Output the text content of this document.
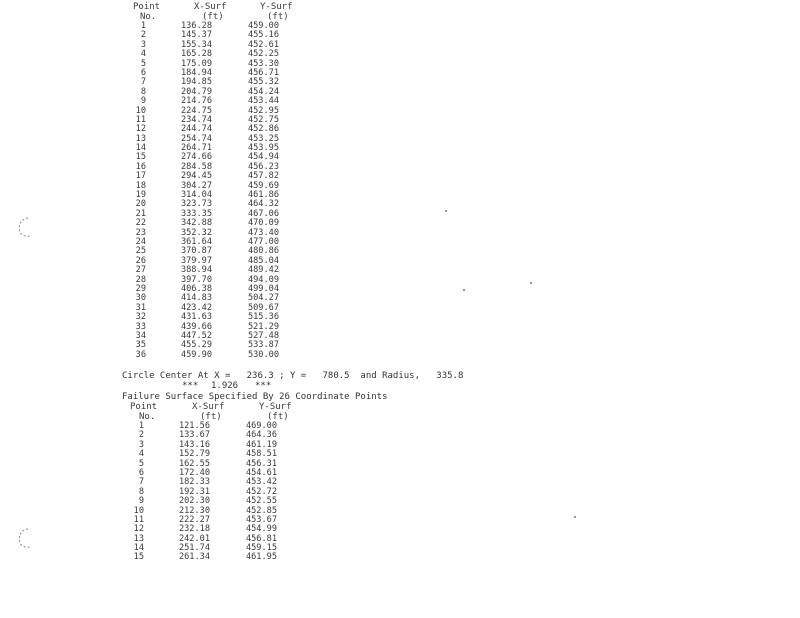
Point	X-Surf	Y-Surf
No.	(ft)	(ft)
1	136.28	459.00
2	145.37	455.16
3	155.34	452.61
4	165.28	452.25
5	175.09	453.30
6	184.94	456.71
7	194.85	455.32
8	204.79	454.24
9	214.76	453.44
10	224.75	452.95
11	234.74	452.75
12	244.74	452.86
13	254.74	453.25
14	264.71	453.95
15	274.66	454.94
16	284.58	456.23
17	294.45	457.82
18	304.27	459.69
19	314.04	461.86
20	323.73	464.32
21	333.35	467.06
22	342.88	470.09
23	352.32	473.40
24	361.64	477.00
25	370.87	480.86
26	379.97	485.04
27	388.94	489.42
28	397.70	494.09
29	406.38	499.04
30	414.83	504.27
31	423.42	509.67
32	431.63	515.36
33	439.66	521.29
34	447.52	527.48
35	455.29	533.87
36	459.90	530.00
Circle Center At X =   236.3 ; Y =   780.5  and Radius,   335.8
*** 1.926 ***
Failure Surface Specified By 26 Coordinate Points
Point	X-Surf	Y-Surf
No.	(ft)	(ft)
1	121.56	469.00
2	133.67	464.36
3	143.16	461.19
4	152.79	458.51
5	162.55	456.31
6	172.40	454.61
7	182.33	453.42
8	192.31	452.72
9	202.30	452.55
10	212.30	452.85
11	222.27	453.67
12	232.18	454.99
13	242.01	456.81
14	251.74	459.15
15	261.34	461.95
